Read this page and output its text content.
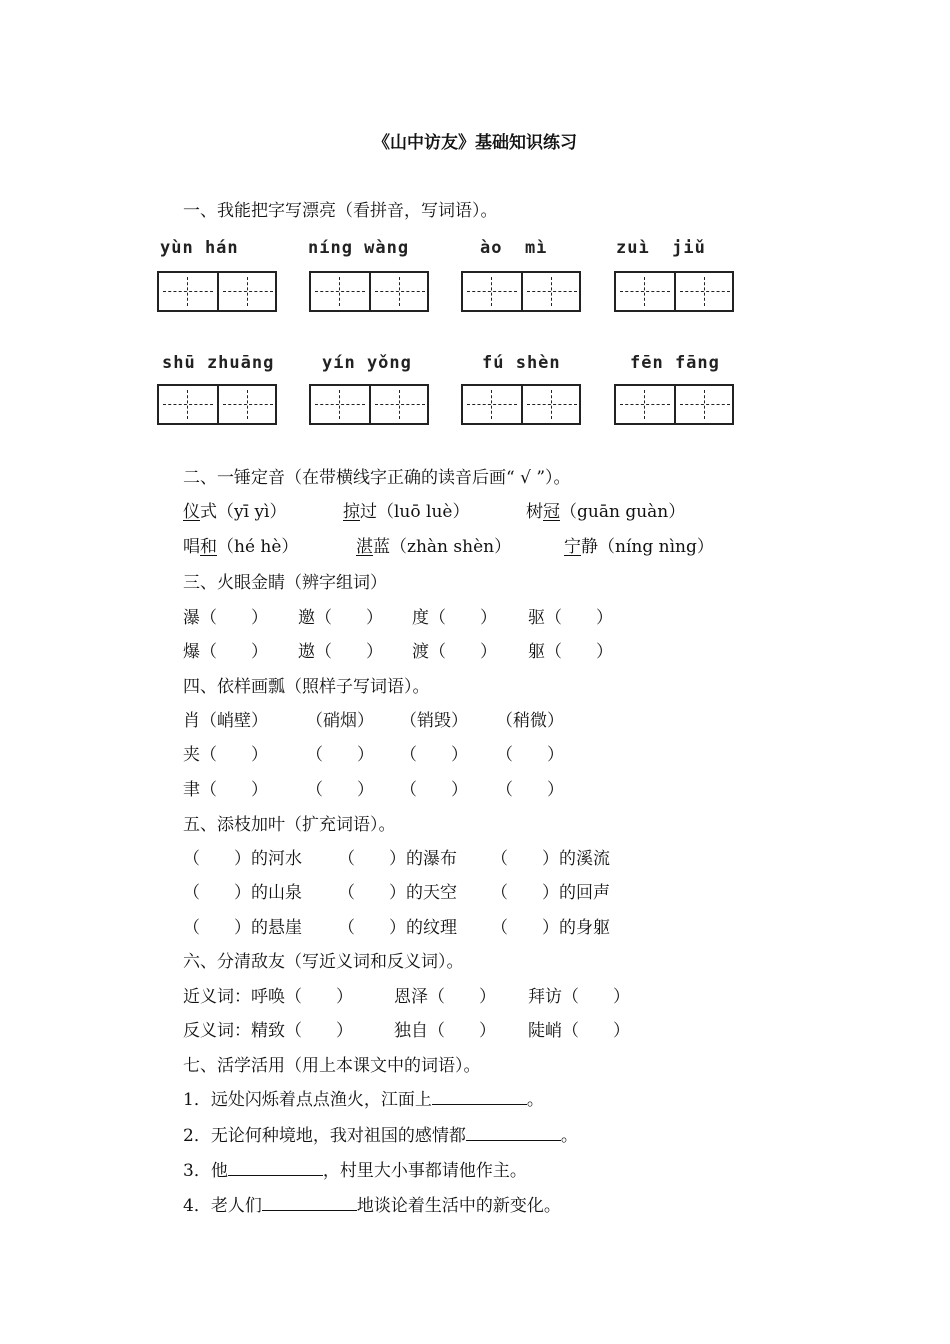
《山中访友》基础知识练习
一、我能把字写漂亮（看拼音，写词语）。
yùn hán	níng wàng	ào  mì	zuì  jiǔ
shū zhuāng	yín yǒng	fú shèn	fēn fāng
二、一锤定音（在带横线字正确的读音后画“ √ ”）。
仪式（yī yì）	掠过（luō luè）	树冠（guān guàn）
唱和（hé hè）	湛蓝（zhàn shèn）	宁静（níng nìng）
三、火眼金睛（辨字组词）
瀑（　　） 邀（　　） 度（　　） 驱（　　）
爆（　　） 遨（　　） 渡（　　） 躯（　　）
四、依样画瓢（照样子写词语）。
肖（峭壁） （硝烟） （销毁） （稍微）
夹（　　） （　　） （　　） （　　）
聿（　　） （　　） （　　） （　　）
五、添枝加叶（扩充词语）。
（　　）的河水 （　　）的瀑布 （　　）的溪流
（　　）的山泉 （　　）的天空 （　　）的回声
（　　）的悬崖 （　　）的纹理 （　　）的身躯
六、分清敌友（写近义词和反义词）。
近义词：呼唤（　　） 恩泽（　　） 拜访（　　）
反义词：精致（　　） 独自（　　） 陡峭（　　）
七、活学活用（用上本课文中的词语）。
1．远处闪烁着点点渔火，江面上	。
2．无论何种境地，我对祖国的感情都	。
3．他	，村里大小事都请他作主。
4．老人们	地谈论着生活中的新变化。
